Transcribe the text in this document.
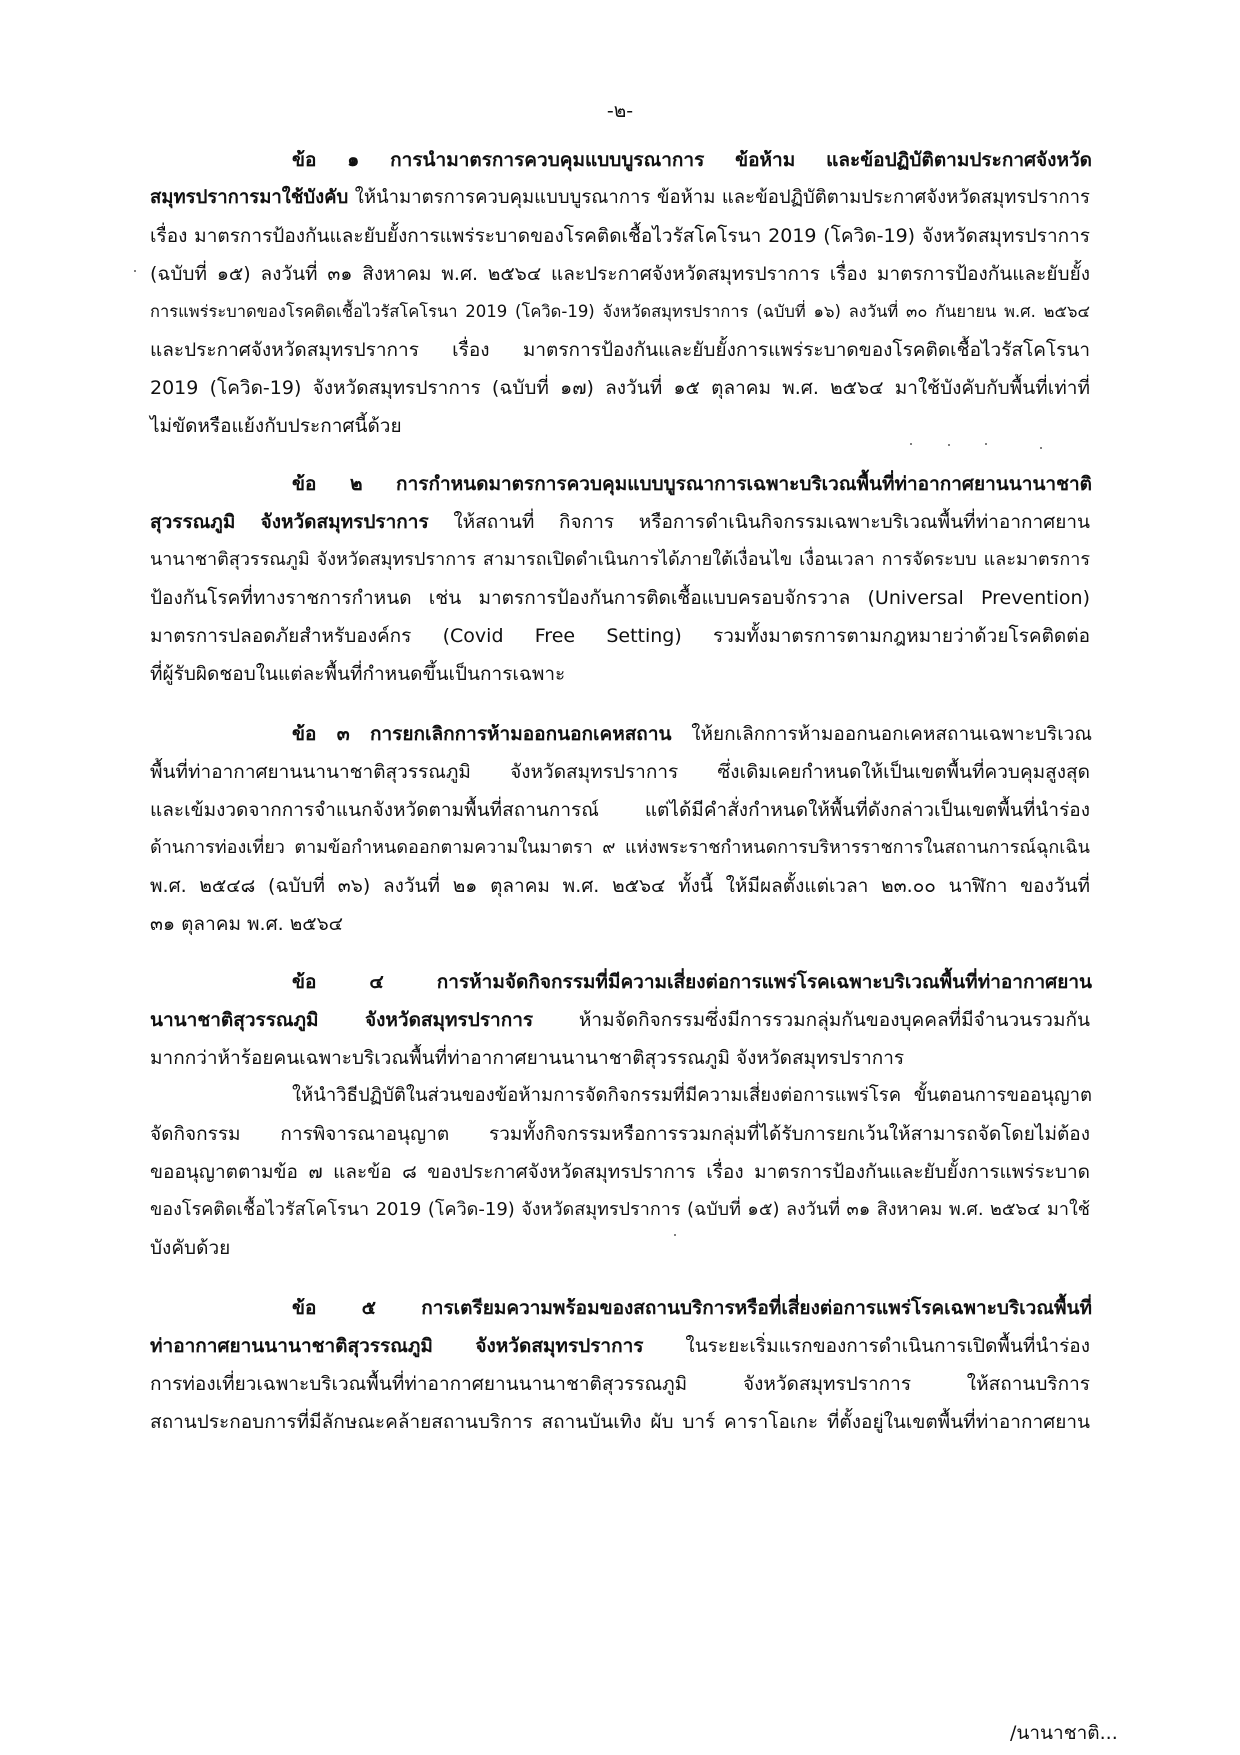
-๒-
ข้อ ๑ การนำมาตรการควบคุมแบบบูรณาการ ข้อห้าม และข้อปฏิบัติตามประกาศจังหวัด
สมุทรปราการมาใช้บังคับ ให้นำมาตรการควบคุมแบบบูรณาการ ข้อห้าม และข้อปฏิบัติตามประกาศจังหวัดสมุทรปราการ
เรื่อง มาตรการป้องกันและยับยั้งการแพร่ระบาดของโรคติดเชื้อไวรัสโคโรนา 2019 (โควิด-19) จังหวัดสมุทรปราการ
(ฉบับที่ ๑๕) ลงวันที่ ๓๑ สิงหาคม พ.ศ. ๒๕๖๔ และประกาศจังหวัดสมุทรปราการ เรื่อง มาตรการป้องกันและยับยั้ง
การแพร่ระบาดของโรคติดเชื้อไวรัสโคโรนา 2019 (โควิด-19) จังหวัดสมุทรปราการ (ฉบับที่ ๑๖) ลงวันที่ ๓๐ กันยายน พ.ศ. ๒๕๖๔
และประกาศจังหวัดสมุทรปราการ เรื่อง มาตรการป้องกันและยับยั้งการแพร่ระบาดของโรคติดเชื้อไวรัสโคโรนา
2019 (โควิด-19) จังหวัดสมุทรปราการ (ฉบับที่ ๑๗) ลงวันที่ ๑๕ ตุลาคม พ.ศ. ๒๕๖๔ มาใช้บังคับกับพื้นที่เท่าที่
ไม่ขัดหรือแย้งกับประกาศนี้ด้วย
ข้อ ๒ การกำหนดมาตรการควบคุมแบบบูรณาการเฉพาะบริเวณพื้นที่ท่าอากาศยานนานาชาติ
สุวรรณภูมิ จังหวัดสมุทรปราการ ให้สถานที่ กิจการ หรือการดำเนินกิจกรรมเฉพาะบริเวณพื้นที่ท่าอากาศยาน
นานาชาติสุวรรณภูมิ จังหวัดสมุทรปราการ สามารถเปิดดำเนินการได้ภายใต้เงื่อนไข เงื่อนเวลา การจัดระบบ และมาตรการ
ป้องกันโรคที่ทางราชการกำหนด เช่น มาตรการป้องกันการติดเชื้อแบบครอบจักรวาล (Universal Prevention)
มาตรการปลอดภัยสำหรับองค์กร (Covid Free Setting) รวมทั้งมาตรการตามกฎหมายว่าด้วยโรคติดต่อ
ที่ผู้รับผิดชอบในแต่ละพื้นที่กำหนดขึ้นเป็นการเฉพาะ
ข้อ ๓ การยกเลิกการห้ามออกนอกเคหสถาน ให้ยกเลิกการห้ามออกนอกเคหสถานเฉพาะบริเวณ
พื้นที่ท่าอากาศยานนานาชาติสุวรรณภูมิ จังหวัดสมุทรปราการ ซึ่งเดิมเคยกำหนดให้เป็นเขตพื้นที่ควบคุมสูงสุด
และเข้มงวดจากการจำแนกจังหวัดตามพื้นที่สถานการณ์ แต่ได้มีคำสั่งกำหนดให้พื้นที่ดังกล่าวเป็นเขตพื้นที่นำร่อง
ด้านการท่องเที่ยว ตามข้อกำหนดออกตามความในมาตรา ๙ แห่งพระราชกำหนดการบริหารราชการในสถานการณ์ฉุกเฉิน
พ.ศ. ๒๕๔๘ (ฉบับที่ ๓๖) ลงวันที่ ๒๑ ตุลาคม พ.ศ. ๒๕๖๔ ทั้งนี้ ให้มีผลตั้งแต่เวลา ๒๓.๐๐ นาฬิกา ของวันที่
๓๑ ตุลาคม พ.ศ. ๒๕๖๔
ข้อ ๔ การห้ามจัดกิจกรรมที่มีความเสี่ยงต่อการแพร่โรคเฉพาะบริเวณพื้นที่ท่าอากาศยาน
นานาชาติสุวรรณภูมิ จังหวัดสมุทรปราการ ห้ามจัดกิจกรรมซึ่งมีการรวมกลุ่มกันของบุคคลที่มีจำนวนรวมกัน
มากกว่าห้าร้อยคนเฉพาะบริเวณพื้นที่ท่าอากาศยานนานาชาติสุวรรณภูมิ จังหวัดสมุทรปราการ
ให้นำวิธีปฏิบัติในส่วนของข้อห้ามการจัดกิจกรรมที่มีความเสี่ยงต่อการแพร่โรค ขั้นตอนการขออนุญาต
จัดกิจกรรม การพิจารณาอนุญาต รวมทั้งกิจกรรมหรือการรวมกลุ่มที่ได้รับการยกเว้นให้สามารถจัดโดยไม่ต้อง
ขออนุญาตตามข้อ ๗ และข้อ ๘ ของประกาศจังหวัดสมุทรปราการ เรื่อง มาตรการป้องกันและยับยั้งการแพร่ระบาด
ของโรคติดเชื้อไวรัสโคโรนา 2019 (โควิด-19) จังหวัดสมุทรปราการ (ฉบับที่ ๑๕) ลงวันที่ ๓๑ สิงหาคม พ.ศ. ๒๕๖๔ มาใช้
บังคับด้วย
ข้อ ๕ การเตรียมความพร้อมของสถานบริการหรือที่เสี่ยงต่อการแพร่โรคเฉพาะบริเวณพื้นที่
ท่าอากาศยานนานาชาติสุวรรณภูมิ จังหวัดสมุทรปราการ ในระยะเริ่มแรกของการดำเนินการเปิดพื้นที่นำร่อง
การท่องเที่ยวเฉพาะบริเวณพื้นที่ท่าอากาศยานนานาชาติสุวรรณภูมิ จังหวัดสมุทรปราการ ให้สถานบริการ
สถานประกอบการที่มีลักษณะคล้ายสถานบริการ สถานบันเทิง ผับ บาร์ คาราโอเกะ ที่ตั้งอยู่ในเขตพื้นที่ท่าอากาศยาน
/นานาชาติ...
